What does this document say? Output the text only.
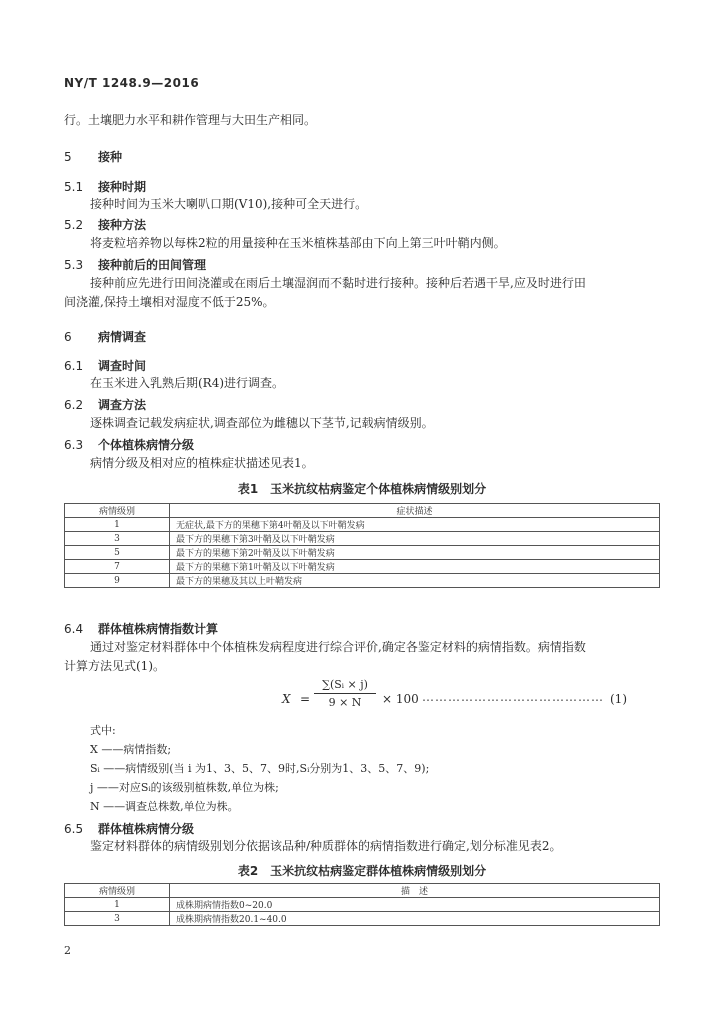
NY/T 1248.9—2016
行。土壤肥力水平和耕作管理与大田生产相同。
5 接种
5.1 接种时期
接种时间为玉米大喇叭口期(V10),接种可全天进行。
5.2 接种方法
将麦粒培养物以每株2粒的用量接种在玉米植株基部由下向上第三叶叶鞘内侧。
5.3 接种前后的田间管理
接种前应先进行田间浇灌或在雨后土壤湿润而不黏时进行接种。接种后若遇干旱,应及时进行田
间浇灌,保持土壤相对湿度不低于25%。
6 病情调查
6.1 调查时间
在玉米进入乳熟后期(R4)进行调查。
6.2 调查方法
逐株调查记载发病症状,调查部位为雌穗以下茎节,记载病情级别。
6.3 个体植株病情分级
病情分级及相对应的植株症状描述见表1。
表1　玉米抗纹枯病鉴定个体植株病情级别划分
病情级别	症状描述
1	无症状,最下方的果穗下第4叶鞘及以下叶鞘发病
3	最下方的果穗下第3叶鞘及以下叶鞘发病
5	最下方的果穗下第2叶鞘及以下叶鞘发病
7	最下方的果穗下第1叶鞘及以下叶鞘发病
9	最下方的果穗及其以上叶鞘发病
6.4 群体植株病情指数计算
通过对鉴定材料群体中个体植株发病程度进行综合评价,确定各鉴定材料的病情指数。病情指数
计算方法见式(1)。
$X = \frac{\text{∑(Sᵢ × j)}}{9 \times N} \times 100$ …………………………………… (1)
式中:
X ——病情指数;
Sᵢ ——病情级别(当 i 为1、3、5、7、9时,Sᵢ分别为1、3、5、7、9);
j ——对应Sᵢ的该级别植株数,单位为株;
N ——调查总株数,单位为株。
6.5 群体植株病情分级
鉴定材料群体的病情级别划分依据该品种/种质群体的病情指数进行确定,划分标准见表2。
表2　玉米抗纹枯病鉴定群体植株病情级别划分
病情级别	描　述
1	成株期病情指数0~20.0
3	成株期病情指数20.1~40.0
2
